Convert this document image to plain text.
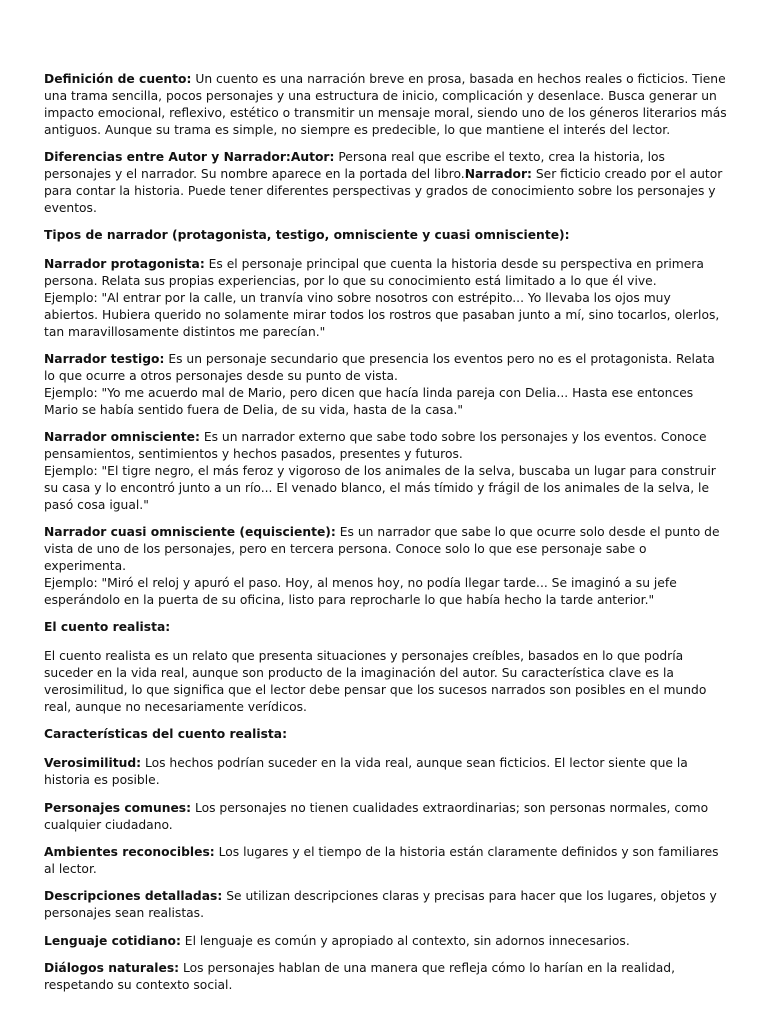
Definición de cuento: Un cuento es una narración breve en prosa, basada en hechos reales o ficticios. Tiene una trama sencilla, pocos personajes y una estructura de inicio, complicación y desenlace. Busca generar un impacto emocional, reflexivo, estético o transmitir un mensaje moral, siendo uno de los géneros literarios más antiguos. Aunque su trama es simple, no siempre es predecible, lo que mantiene el interés del lector.

Diferencias entre Autor y Narrador:Autor: Persona real que escribe el texto, crea la historia, los personajes y el narrador. Su nombre aparece en la portada del libro.Narrador: Ser ficticio creado por el autor para contar la historia. Puede tener diferentes perspectivas y grados de conocimiento sobre los personajes y eventos.

Tipos de narrador (protagonista, testigo, omnisciente y cuasi omnisciente):

Narrador protagonista: Es el personaje principal que cuenta la historia desde su perspectiva en primera persona. Relata sus propias experiencias, por lo que su conocimiento está limitado a lo que él vive.
Ejemplo: "Al entrar por la calle, un tranvía vino sobre nosotros con estrépito... Yo llevaba los ojos muy abiertos. Hubiera querido no solamente mirar todos los rostros que pasaban junto a mí, sino tocarlos, olerlos, tan maravillosamente distintos me parecían."

Narrador testigo: Es un personaje secundario que presencia los eventos pero no es el protagonista. Relata lo que ocurre a otros personajes desde su punto de vista.
Ejemplo: "Yo me acuerdo mal de Mario, pero dicen que hacía linda pareja con Delia... Hasta ese entonces Mario se había sentido fuera de Delia, de su vida, hasta de la casa."

Narrador omnisciente: Es un narrador externo que sabe todo sobre los personajes y los eventos. Conoce pensamientos, sentimientos y hechos pasados, presentes y futuros.
Ejemplo: "El tigre negro, el más feroz y vigoroso de los animales de la selva, buscaba un lugar para construir su casa y lo encontró junto a un río... El venado blanco, el más tímido y frágil de los animales de la selva, le pasó cosa igual."

Narrador cuasi omnisciente (equisciente): Es un narrador que sabe lo que ocurre solo desde el punto de vista de uno de los personajes, pero en tercera persona. Conoce solo lo que ese personaje sabe o experimenta.
Ejemplo: "Miró el reloj y apuró el paso. Hoy, al menos hoy, no podía llegar tarde... Se imaginó a su jefe esperándolo en la puerta de su oficina, listo para reprocharle lo que había hecho la tarde anterior."

El cuento realista:

El cuento realista es un relato que presenta situaciones y personajes creíbles, basados en lo que podría suceder en la vida real, aunque son producto de la imaginación del autor. Su característica clave es la verosimilitud, lo que significa que el lector debe pensar que los sucesos narrados son posibles en el mundo real, aunque no necesariamente verídicos.

Características del cuento realista:

Verosimilitud: Los hechos podrían suceder en la vida real, aunque sean ficticios. El lector siente que la historia es posible.

Personajes comunes: Los personajes no tienen cualidades extraordinarias; son personas normales, como cualquier ciudadano.

Ambientes reconocibles: Los lugares y el tiempo de la historia están claramente definidos y son familiares al lector.

Descripciones detalladas: Se utilizan descripciones claras y precisas para hacer que los lugares, objetos y personajes sean realistas.

Lenguaje cotidiano: El lenguaje es común y apropiado al contexto, sin adornos innecesarios.

Diálogos naturales: Los personajes hablan de una manera que refleja cómo lo harían en la realidad, respetando su contexto social.
